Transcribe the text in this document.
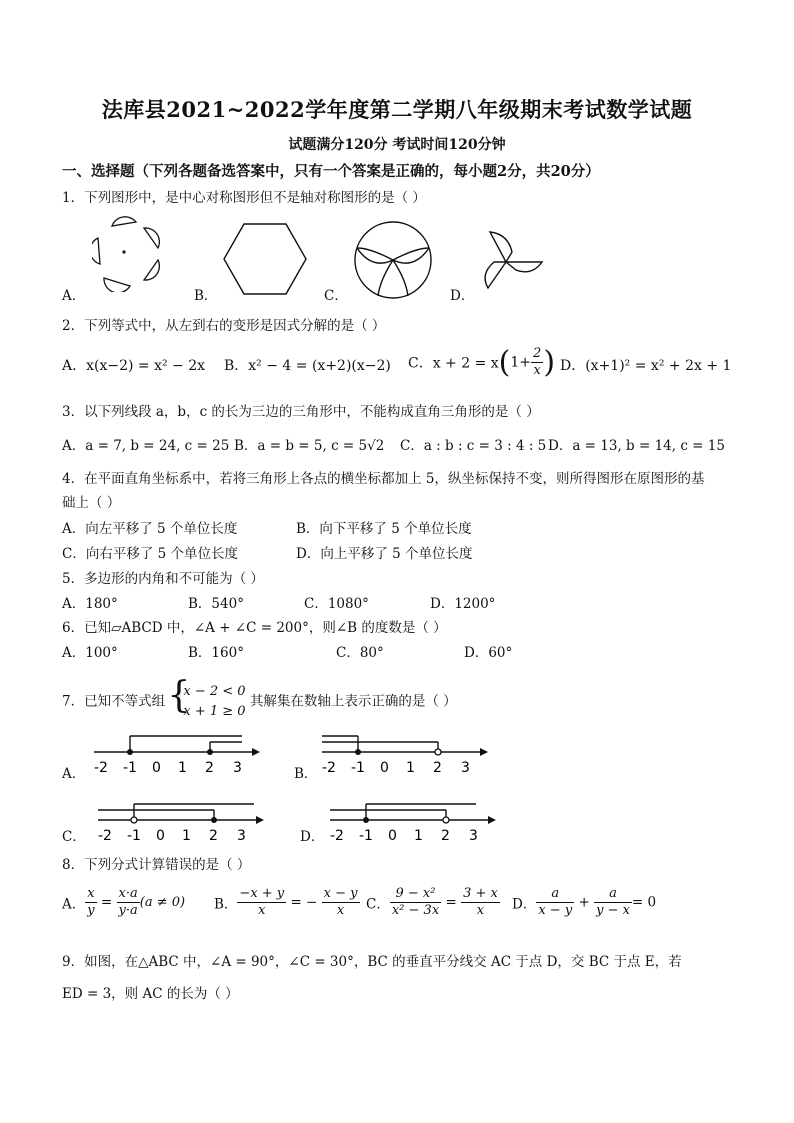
法库县2021~2022学年度第二学期八年级期末考试数学试题
试题满分120分 考试时间120分钟
一、选择题（下列各题备选答案中，只有一个答案是正确的，每小题2分，共20分）
1．下列图形中，是中心对称图形但不是轴对称图形的是（ ）
A．	B．	C．	D．
2．下列等式中，从左到右的变形是因式分解的是（ ）
A．x(x−2) = x² − 2x B．x² − 4 = (x+2)(x−2) C．$x + 2 = x(1+ \frac{2}{x}$ ) D．(x+1)² = x² + 2x + 1
3．以下列线段 a，b，c 的长为三边的三角形中，不能构成直角三角形的是（ ）
A．a = 7, b = 24, c = 25 B．a = b = 5, c = 5√2 C．a : b : c = 3 : 4 : 5 D．a = 13, b = 14, c = 15
4．在平面直角坐标系中，若将三角形上各点的横坐标都加上 5，纵坐标保持不变，则所得图形在原图形的基
础上（ ）
A．向左平移了 5 个单位长度	B．向下平移了 5 个单位长度
C．向右平移了 5 个单位长度	D．向上平移了 5 个单位长度
5．多边形的内角和不可能为（ ）
A．180°	B．540°	C．1080°	D．1200°
6．已知▱ABCD 中，∠A + ∠C = 200°，则∠B 的度数是（ ）
A．100°	B．160°	C．80°	D．60°
7．已知不等式组 {
x − 2 < 0
x + 1 ≥ 0
其解集在数轴上表示正确的是（ ）
-2 -1 0 1 2 3
A．	-2 -1 0 1 2 3
B．
-2 -1 0 1 2 3
C．	-2 -1 0 1 2 3
D．
8．下列分式计算错误的是（ ）
A． $\frac{x}{y} = \frac{x\cdot a}{y\cdot a} (a \ne 0)$ B． $\frac{-x + y}{x}$ = − $\frac{x - y}{x}$ C． $\frac{\text{9 − x²}}{\text{x² − 3x}} = \frac{3 + x}{x}$ D． $\frac{a}{x - y} + \frac{a}{y - x} = 0$
9．如图，在△ABC 中，∠A = 90°，∠C = 30°，BC 的垂直平分线交 AC 于点 D，交 BC 于点 E，若
ED = 3，则 AC 的长为（ ）
